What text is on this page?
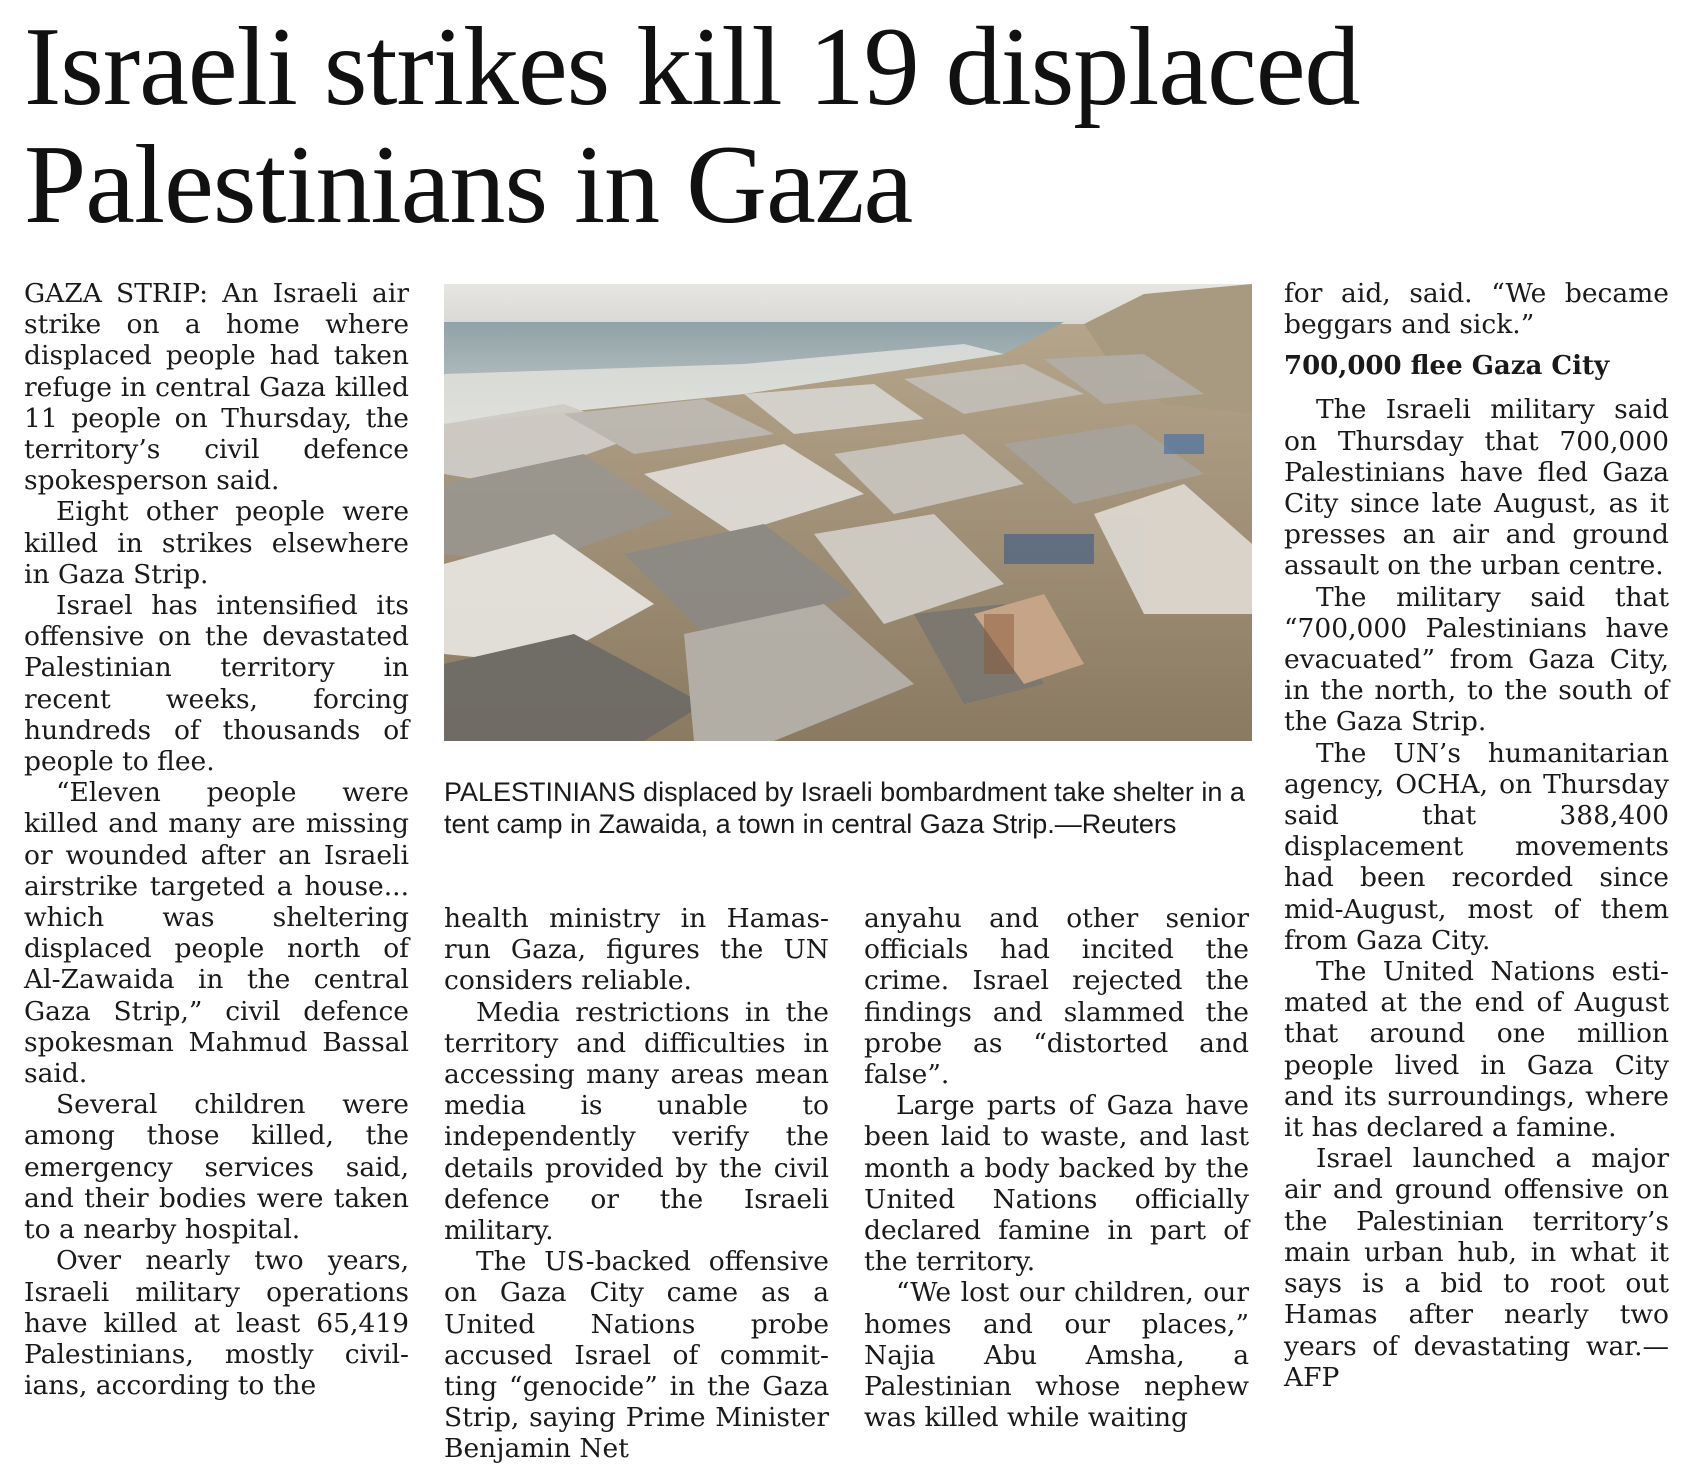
Israeli strikes kill 19 displaced Palestinians in Gaza

GAZA STRIP: An Israeli air strike on a home where displaced people had taken refuge in central Gaza killed 11 people on Thursday, the territory’s civil defence spokesperson said.

Eight other people were killed in strikes elsewhere in Gaza Strip.

Israel has intensified its offensive on the devastated Palestinian territory in recent weeks, forcing hundreds of thousands of people to flee.

“Eleven people were killed and many are missing or wounded after an Israeli airstrike targeted a house... which was sheltering displaced people north of Al-Zawaida in the central Gaza Strip,” civil defence spokesman Mahmud Bassal said.

Several children were among those killed, the emergency services said, and their bodies were taken to a nearby hospital.

Over nearly two years, Israeli military operations have killed at least 65,419 Palestinians, mostly civilians, according to the

PALESTINIANS displaced by Israeli bombardment take shelter in a tent camp in Zawaida, a town in central Gaza Strip.—Reuters

health ministry in Hamas-run Gaza, figures the UN considers reliable.

Media restrictions in the territory and difficulties in accessing many areas mean media is unable to independently verify the details provided by the civil defence or the Israeli military.

The US-backed offensive on Gaza City came as a United Nations probe accused Israel of committing “genocide” in the Gaza Strip, saying Prime Minister Benjamin Net

anyahu and other senior officials had incited the crime. Israel rejected the findings and slammed the probe as “distorted and false”.

Large parts of Gaza have been laid to waste, and last month a body backed by the United Nations officially declared famine in part of the territory.

“We lost our children, our homes and our places,” Najia Abu Amsha, a Palestinian whose nephew was killed while waiting

for aid, said. “We became beggars and sick.”

700,000 flee Gaza City

The Israeli military said on Thursday that 700,000 Palestinians have fled Gaza City since late August, as it presses an air and ground assault on the urban centre.

The military said that “700,000 Palestinians have evacuated” from Gaza City, in the north, to the south of the Gaza Strip.

The UN’s humanitarian agency, OCHA, on Thursday said that 388,400 displacement movements had been recorded since mid-August, most of them from Gaza City.

The United Nations estimated at the end of August that around one million people lived in Gaza City and its surroundings, where it has declared a famine.

Israel launched a major air and ground offensive on the Palestinian territory’s main urban hub, in what it says is a bid to root out Hamas after nearly two years of devastating war.—AFP
